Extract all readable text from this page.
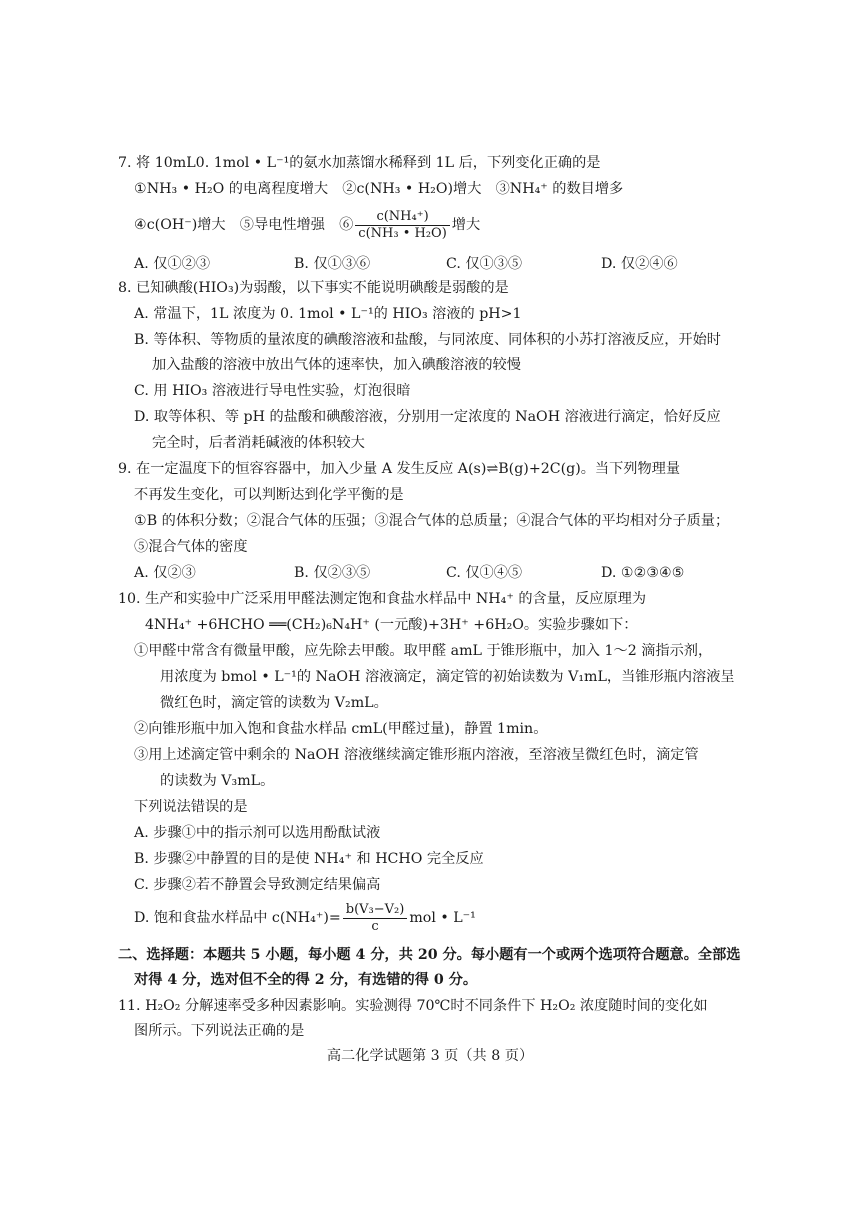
7. 将 10mL0. 1mol • L⁻¹的氨水加蒸馏水稀释到 1L 后，下列变化正确的是
①NH₃ • H₂O 的电离程度增大　②c(NH₃ • H₂O)增大　③NH₄⁺ 的数目增多
④c(OH⁻)增大　⑤导电性增强　⑥ $\frac{\text{c(NH₄⁺)}}{\text{c(NH₃ • H₂O)}}$ 增大
A. 仅①②③	B. 仅①③⑥	C. 仅①③⑤	D. 仅②④⑥
8. 已知碘酸(HIO₃)为弱酸，以下事实不能说明碘酸是弱酸的是
A. 常温下，1L 浓度为 0. 1mol • L⁻¹的 HIO₃ 溶液的 pH>1
B. 等体积、等物质的量浓度的碘酸溶液和盐酸，与同浓度、同体积的小苏打溶液反应，开始时
加入盐酸的溶液中放出气体的速率快，加入碘酸溶液的较慢
C. 用 HIO₃ 溶液进行导电性实验，灯泡很暗
D. 取等体积、等 pH 的盐酸和碘酸溶液，分别用一定浓度的 NaOH 溶液进行滴定，恰好反应
完全时，后者消耗碱液的体积较大
9. 在一定温度下的恒容容器中，加入少量 A 发生反应 A(s)⇌B(g)+2C(g)。当下列物理量
不再发生变化，可以判断达到化学平衡的是
①B 的体积分数；②混合气体的压强；③混合气体的总质量；④混合气体的平均相对分子质量；
⑤混合气体的密度
A. 仅②③	B. 仅②③⑤	C. 仅①④⑤	D. ①②③④⑤
10. 生产和实验中广泛采用甲醛法测定饱和食盐水样品中 NH₄⁺ 的含量，反应原理为
4NH₄⁺ +6HCHO ══(CH₂)₆N₄H⁺ (一元酸)+3H⁺ +6H₂O。实验步骤如下：
①甲醛中常含有微量甲酸，应先除去甲酸。取甲醛 amL 于锥形瓶中，加入 1～2 滴指示剂，
用浓度为 bmol • L⁻¹的 NaOH 溶液滴定，滴定管的初始读数为 V₁mL，当锥形瓶内溶液呈
微红色时，滴定管的读数为 V₂mL。
②向锥形瓶中加入饱和食盐水样品 cmL(甲醛过量)，静置 1min。
③用上述滴定管中剩余的 NaOH 溶液继续滴定锥形瓶内溶液，至溶液呈微红色时，滴定管
的读数为 V₃mL。
下列说法错误的是
A. 步骤①中的指示剂可以选用酚酞试液
B. 步骤②中静置的目的是使 NH₄⁺ 和 HCHO 完全反应
C. 步骤②若不静置会导致测定结果偏高
D. 饱和食盐水样品中 $c(NH_4^+)= \frac{\text{b(V₃−V₂)}}{c}$ mol • L⁻¹
二、选择题：本题共 5 小题，每小题 4 分，共 20 分。每小题有一个或两个选项符合题意。全部选
对得 4 分，选对但不全的得 2 分，有选错的得 0 分。
11. H₂O₂ 分解速率受多种因素影响。实验测得 70℃时不同条件下 H₂O₂ 浓度随时间的变化如
图所示。下列说法正确的是
高二化学试题第 3 页（共 8 页）
